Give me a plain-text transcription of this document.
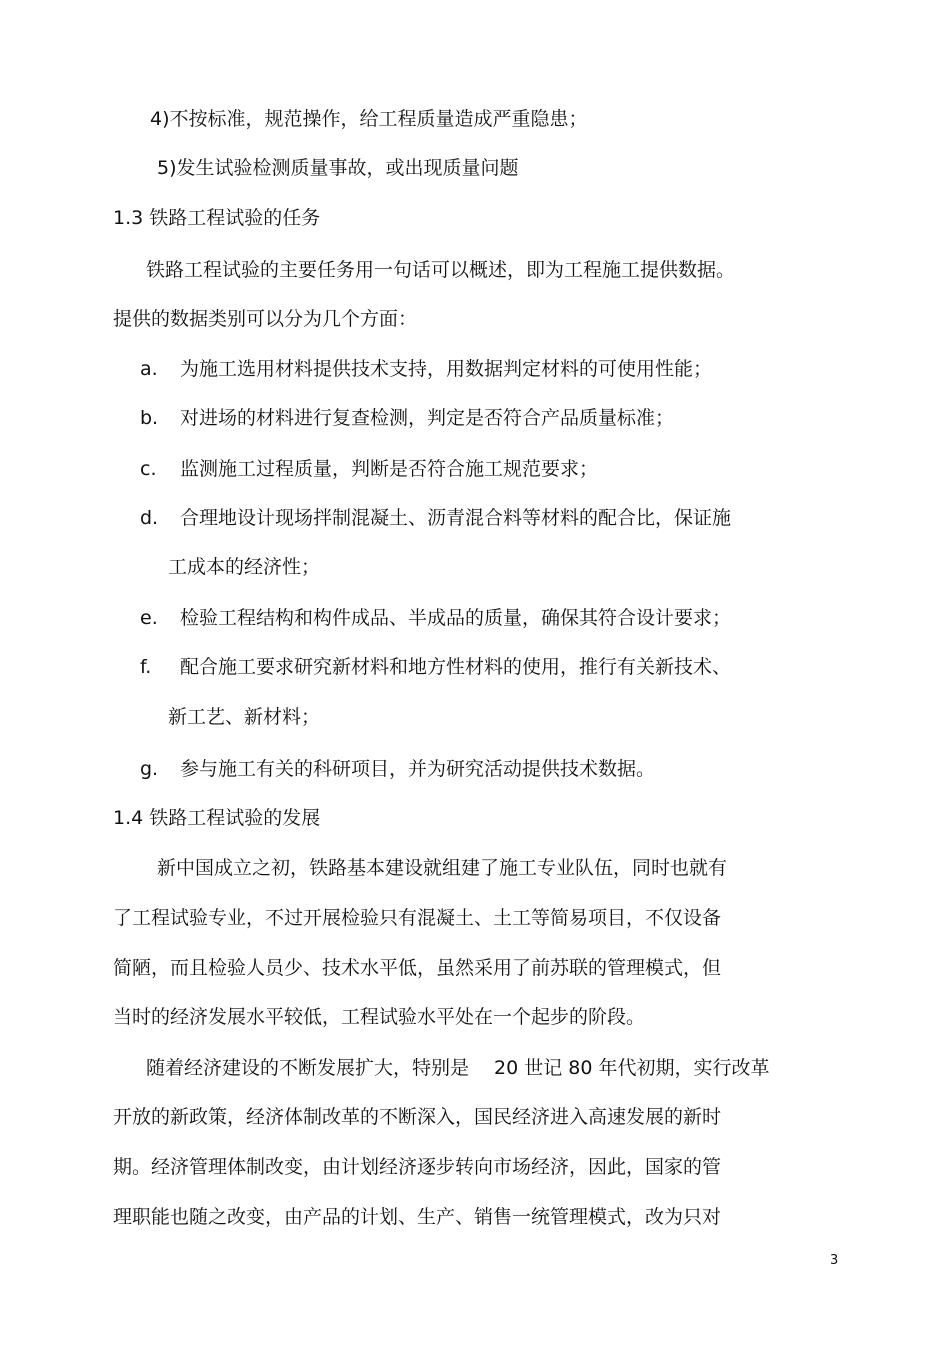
4)不按标准，规范操作，给工程质量造成严重隐患；
5)发生试验检测质量事故，或出现质量问题
1.3 铁路工程试验的任务
铁路工程试验的主要任务用一句话可以概述，即为工程施工提供数据。
提供的数据类别可以分为几个方面：
a. 为施工选用材料提供技术支持，用数据判定材料的可使用性能；
b. 对进场的材料进行复查检测，判定是否符合产品质量标准；
c. 监测施工过程质量，判断是否符合施工规范要求；
d. 合理地设计现场拌制混凝土、沥青混合料等材料的配合比，保证施
工成本的经济性；
e. 检验工程结构和构件成品、半成品的质量，确保其符合设计要求；
f. 配合施工要求研究新材料和地方性材料的使用，推行有关新技术、
新工艺、新材料；
g. 参与施工有关的科研项目，并为研究活动提供技术数据。
1.4 铁路工程试验的发展
新中国成立之初，铁路基本建设就组建了施工专业队伍，同时也就有
了工程试验专业，不过开展检验只有混凝土、土工等简易项目，不仅设备
简陋，而且检验人员少、技术水平低，虽然采用了前苏联的管理模式，但
当时的经济发展水平较低，工程试验水平处在一个起步的阶段。
随着经济建设的不断发展扩大，特别是　 20 世记 80 年代初期，实行改革
开放的新政策，经济体制改革的不断深入，国民经济进入高速发展的新时
期。经济管理体制改变，由计划经济逐步转向市场经济，因此，国家的管
理职能也随之改变，由产品的计划、生产、销售一统管理模式，改为只对
3
